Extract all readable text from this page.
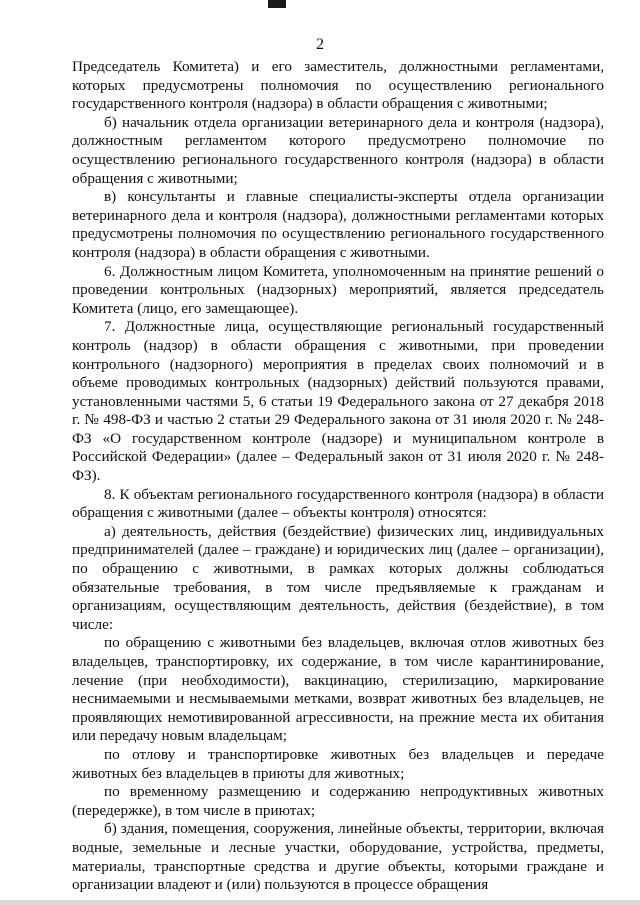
2

Председатель Комитета) и его заместитель, должностными регламентами, которых предусмотрены полномочия по осуществлению регионального государственного контроля (надзора) в области обращения с животными;

б) начальник отдела организации ветеринарного дела и контроля (надзора), должностным регламентом которого предусмотрено полномочие по осуществлению регионального государственного контроля (надзора) в области обращения с животными;

в) консультанты и главные специалисты-эксперты отдела организации ветеринарного дела и контроля (надзора), должностными регламентами которых предусмотрены полномочия по осуществлению регионального государственного контроля (надзора) в области обращения с животными.

6. Должностным лицом Комитета, уполномоченным на принятие решений о проведении контрольных (надзорных) мероприятий, является председатель Комитета (лицо, его замещающее).

7. Должностные лица, осуществляющие региональный государственный контроль (надзор) в области обращения с животными, при проведении контрольного (надзорного) мероприятия в пределах своих полномочий и в объеме проводимых контрольных (надзорных) действий пользуются правами, установленными частями 5, 6 статьи 19 Федерального закона от 27 декабря 2018 г. № 498-ФЗ и частью 2 статьи 29 Федерального закона от 31 июля 2020 г. № 248-ФЗ «О государственном контроле (надзоре) и муниципальном контроле в Российской Федерации» (далее – Федеральный закон от 31 июля 2020 г. № 248-ФЗ).

8. К объектам регионального государственного контроля (надзора) в области обращения с животными (далее – объекты контроля) относятся:

а) деятельность, действия (бездействие) физических лиц, индивидуальных предпринимателей (далее – граждане) и юридических лиц (далее – организации), по обращению с животными, в рамках которых должны соблюдаться обязательные требования, в том числе предъявляемые к гражданам и организациям, осуществляющим деятельность, действия (бездействие), в том числе:

по обращению с животными без владельцев, включая отлов животных без владельцев, транспортировку, их содержание, в том числе карантинирование, лечение (при необходимости), вакцинацию, стерилизацию, маркирование неснимаемыми и несмываемыми метками, возврат животных без владельцев, не проявляющих немотивированной агрессивности, на прежние места их обитания или передачу новым владельцам;

по отлову и транспортировке животных без владельцев и передаче животных без владельцев в приюты для животных;

по временному размещению и содержанию непродуктивных животных (передержке), в том числе в приютах;

б) здания, помещения, сооружения, линейные объекты, территории, включая водные, земельные и лесные участки, оборудование, устройства, предметы, материалы, транспортные средства и другие объекты, которыми граждане и организации владеют и (или) пользуются в процессе обращения
